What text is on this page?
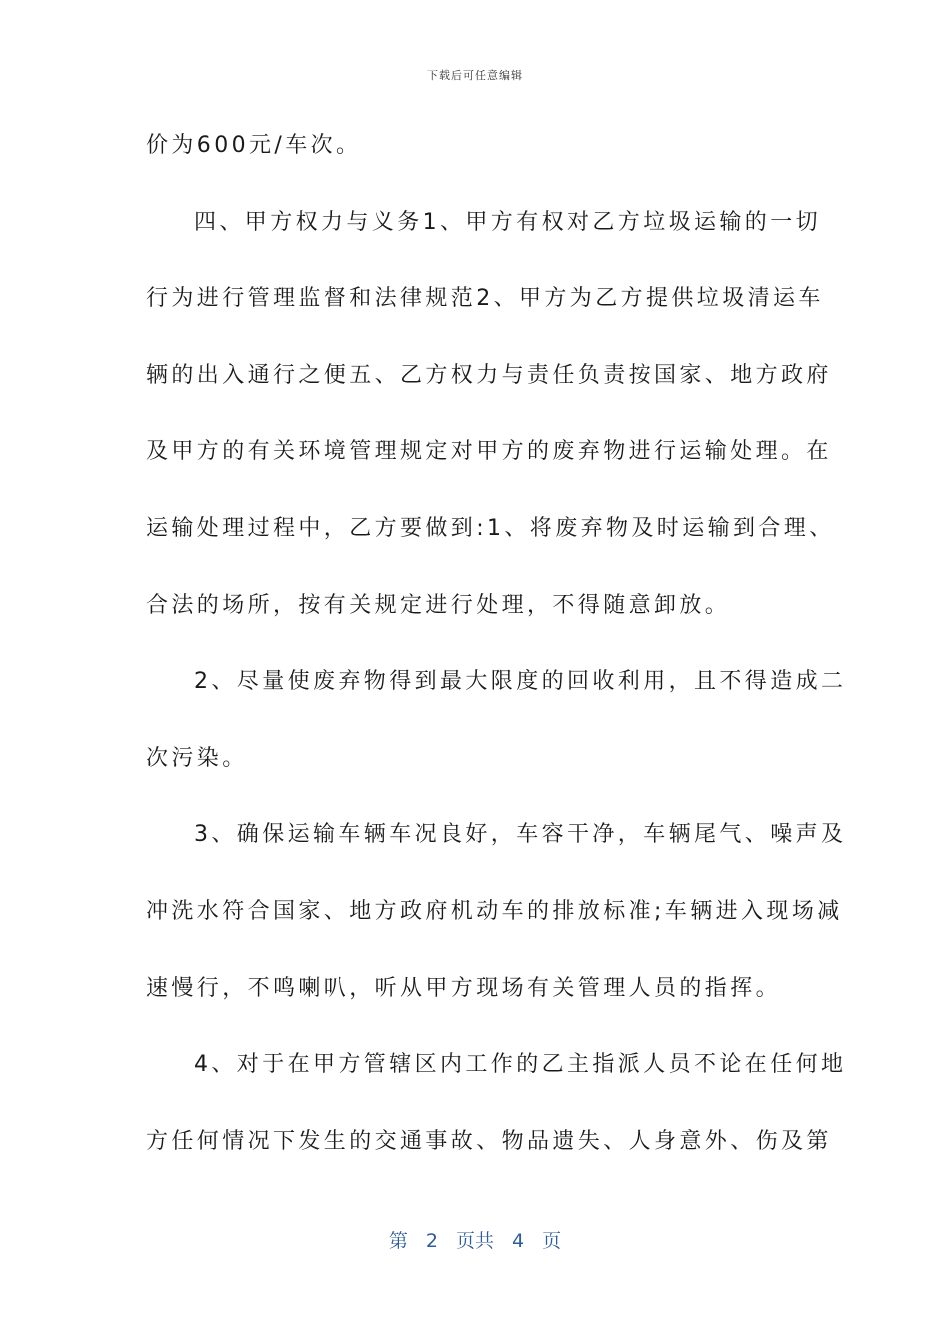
下载后可任意编辑
价为600元/车次。
四、甲方权力与义务1、甲方有权对乙方垃圾运输的一切
行为进行管理监督和法律规范2、甲方为乙方提供垃圾清运车
辆的出入通行之便五、乙方权力与责任负责按国家、地方政府
及甲方的有关环境管理规定对甲方的废弃物进行运输处理。在
运输处理过程中，乙方要做到:1、将废弃物及时运输到合理、
合法的场所，按有关规定进行处理，不得随意卸放。
2、尽量使废弃物得到最大限度的回收利用，且不得造成二
次污染。
3、确保运输车辆车况良好，车容干净，车辆尾气、噪声及
冲洗水符合国家、地方政府机动车的排放标准;车辆进入现场减
速慢行，不鸣喇叭，听从甲方现场有关管理人员的指挥。
4、对于在甲方管辖区内工作的乙主指派人员不论在任何地
方任何情况下发生的交通事故、物品遗失、人身意外、伤及第
第 2 页共 4 页
